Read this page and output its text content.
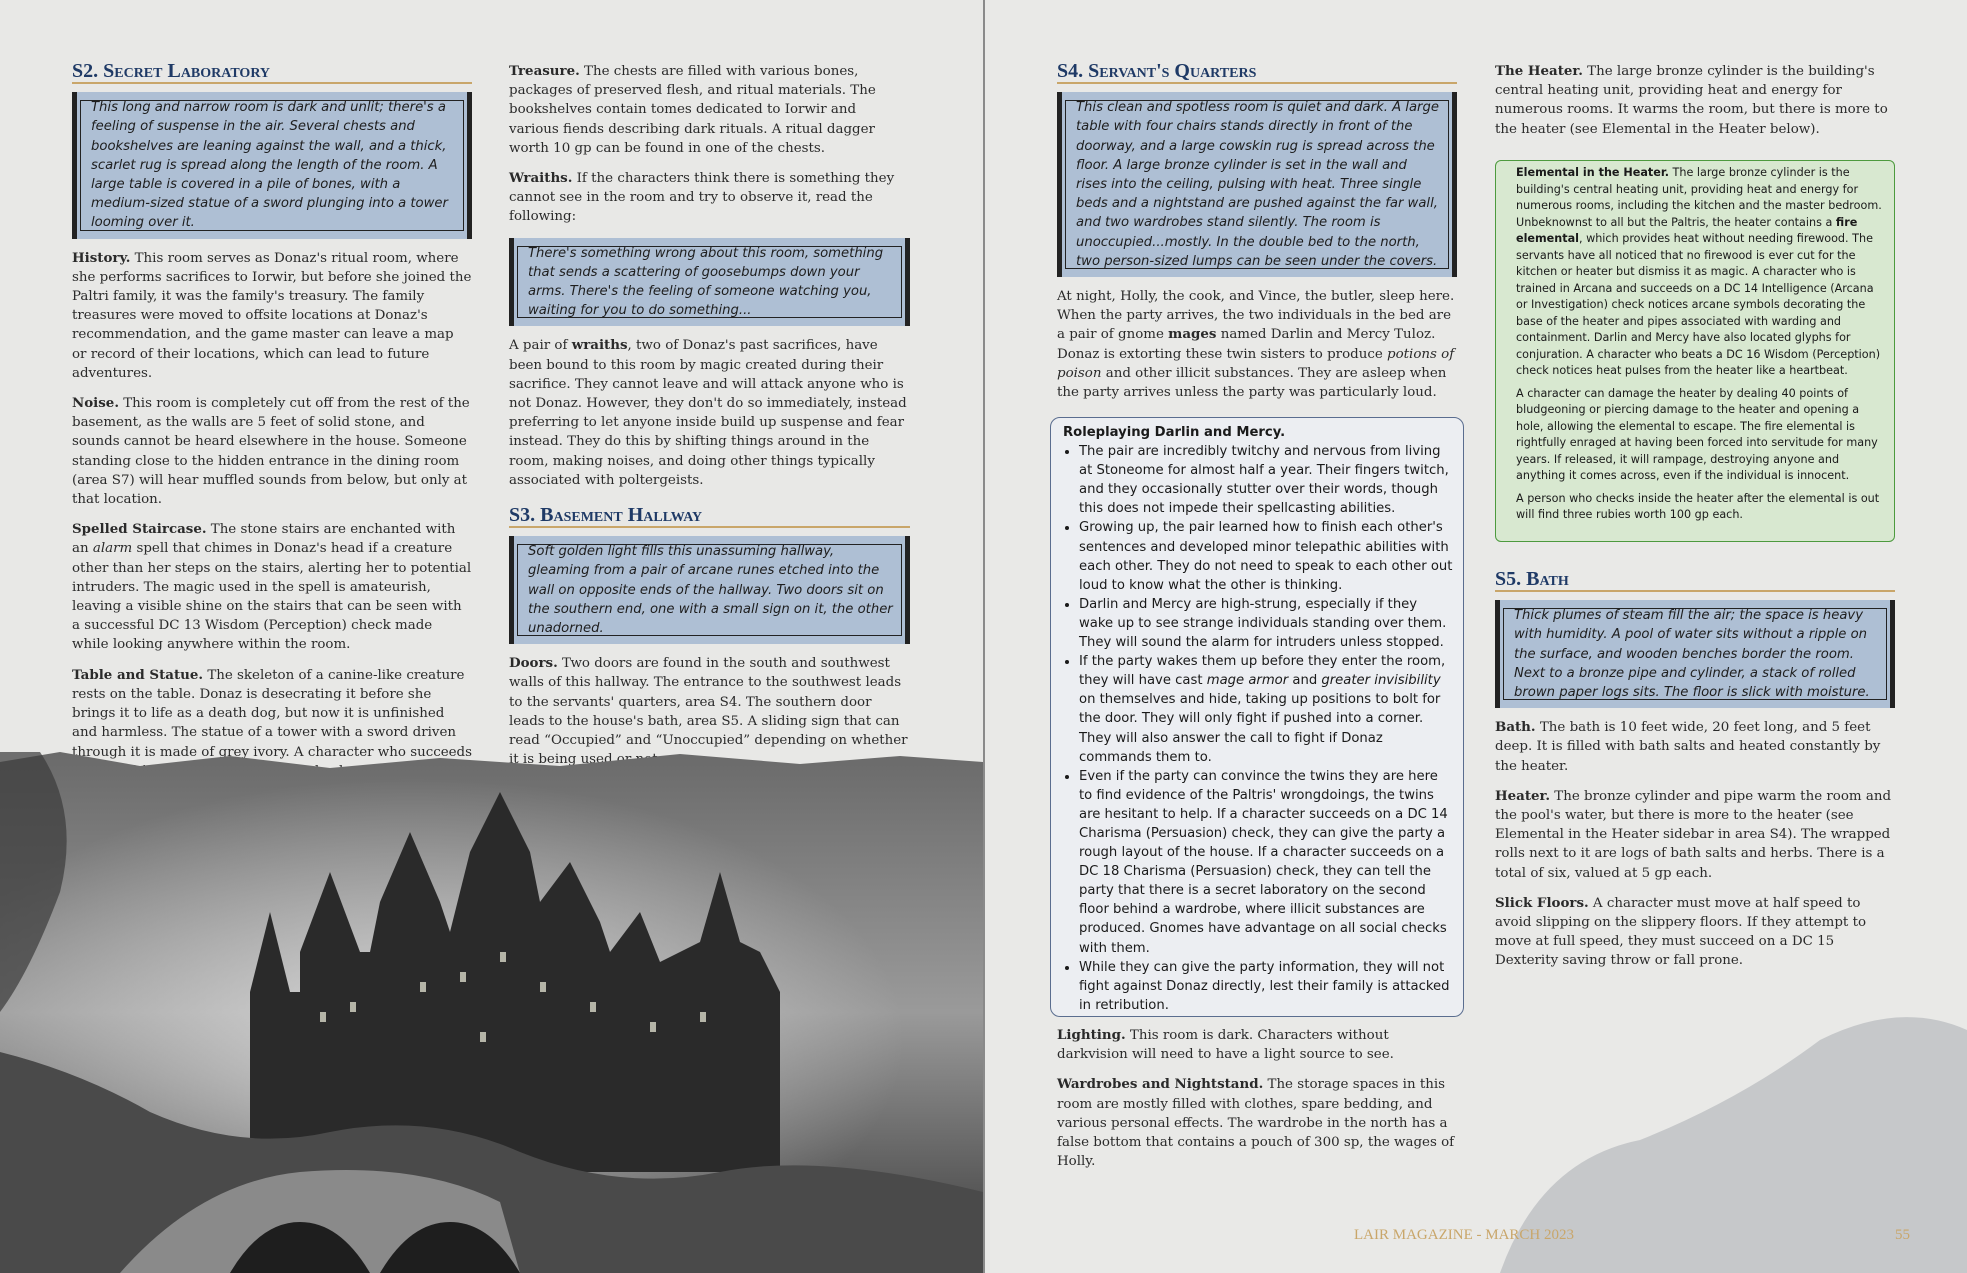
S2. Secret Laboratory
This long and narrow room is dark and unlit; there's a feeling of suspense in the air. Several chests and bookshelves are leaning against the wall, and a thick, scarlet rug is spread along the length of the room. A large table is covered in a pile of bones, with a medium-sized statue of a sword plunging into a tower looming over it.

History. This room serves as Donaz's ritual room, where she performs sacrifices to Iorwir, but before she joined the Paltri family, it was the family's treasury. The family treasures were moved to offsite locations at Donaz's recommendation, and the game master can leave a map or record of their locations, which can lead to future adventures.

Noise. This room is completely cut off from the rest of the basement, as the walls are 5 feet of solid stone, and sounds cannot be heard elsewhere in the house. Someone standing close to the hidden entrance in the dining room (area S7) will hear muffled sounds from below, but only at that location.

Spelled Staircase. The stone stairs are enchanted with an alarm spell that chimes in Donaz's head if a creature other than her steps on the stairs, alerting her to potential intruders. The magic used in the spell is amateurish, leaving a visible shine on the stairs that can be seen with a successful DC 13 Wisdom (Perception) check made while looking anywhere within the room.

Table and Statue. The skeleton of a canine-like creature rests on the table. Donaz is desecrating it before she brings it to life as a death dog, but now it is unfinished and harmless. The statue of a tower with a sword driven

Treasure. The chests are filled with various bones, packages of preserved flesh, and ritual materials. The bookshelves contain tomes dedicated to Iorwir and various fiends describing dark rituals. A ritual dagger worth 10 gp can be found in one of the chests.

Wraiths. If the characters think there is something they cannot see in the room and try to observe it, read the following:

There's something wrong about this room, something that sends a scattering of goosebumps down your arms. There's the feeling of someone watching you, waiting for you to do something...

A pair of wraiths, two of Donaz's past sacrifices, have been bound to this room by magic created during their sacrifice. They cannot leave and will attack anyone who is not Donaz. However, they don't do so immediately, instead preferring to let anyone inside build up suspense and fear instead. They do this by shifting things around in the room, making noises, and doing other things typically associated with poltergeists.

S3. Basement Hallway
Soft golden light fills this unassuming hallway, gleaming from a pair of arcane runes etched into the wall on opposite ends of the hallway. Two doors sit on the southern end, one with a small sign on it, the other unadorned.

Doors. Two doors are found in the south and southwest walls of this hallway. The entrance to the southwest leads to the servants' quarters, area S4. The southern door leads to the house's bath, area S5. A sliding sign that can read “Occupied” and “Unoccupied” depending on whether

S4. Servant's Quarters
This clean and spotless room is quiet and dark. A large table with four chairs stands directly in front of the doorway, and a large cowskin rug is spread across the floor. A large bronze cylinder is set in the wall and rises into the ceiling, pulsing with heat. Three single beds and a nightstand are pushed against the far wall, and two wardrobes stand silently. The room is unoccupied...mostly. In the double bed to the north, two person-sized lumps can be seen under the covers.

At night, Holly, the cook, and Vince, the butler, sleep here. When the party arrives, the two individuals in the bed are a pair of gnome mages named Darlin and Mercy Tuloz. Donaz is extorting these twin sisters to produce potions of poison and other illicit substances. They are asleep when the party arrives unless the party was particularly loud.

Roleplaying Darlin and Mercy.
• The pair are incredibly twitchy and nervous from living at Stoneome for almost half a year. Their fingers twitch, and they occasionally stutter over their words, though this does not impede their spellcasting abilities.
• Growing up, the pair learned how to finish each other's sentences and developed minor telepathic abilities with each other. They do not need to speak to each other out loud to know what the other is thinking.
• Darlin and Mercy are high-strung, especially if they wake up to see strange individuals standing over them. They will sound the alarm for intruders unless stopped.
• If the party wakes them up before they enter the room, they will have cast mage armor and greater invisibility on themselves and hide, taking up positions to bolt for the door. They will only fight if pushed into a corner. They will also answer the call to fight if Donaz commands them to.
• Even if the party can convince the twins they are here to find evidence of the Paltris' wrongdoings, the twins are hesitant to help. If a character succeeds on a DC 14 Charisma (Persuasion) check, they can give the party a rough layout of the house. If a character succeeds on a DC 18 Charisma (Persuasion) check, they can tell the party that there is a secret laboratory on the second floor behind a wardrobe, where illicit substances are produced. Gnomes have advantage on all social checks with them.
• While they can give the party information, they will not fight against Donaz directly, lest their family is attacked in retribution.

Lighting. This room is dark. Characters without darkvision will need to have a light source to see.

Wardrobes and Nightstand. The storage spaces in this room are mostly filled with clothes, spare bedding, and various personal effects. The wardrobe in the north has a false bottom that contains a pouch of 300 sp, the wages of Holly.

The Heater. The large bronze cylinder is the building's central heating unit, providing heat and energy for numerous rooms. It warms the room, but there is more to the heater (see Elemental in the Heater below).

Elemental in the Heater. The large bronze cylinder is the building's central heating unit, providing heat and energy for numerous rooms, including the kitchen and the master bedroom. Unbeknownst to all but the Paltris, the heater contains a fire elemental, which provides heat without needing firewood. The servants have all noticed that no firewood is ever cut for the kitchen or heater but dismiss it as magic. A character who is trained in Arcana and succeeds on a DC 14 Intelligence (Arcana or Investigation) check notices arcane symbols decorating the base of the heater and pipes associated with warding and containment. Darlin and Mercy have also located glyphs for conjuration. A character who beats a DC 16 Wisdom (Perception) check notices heat pulses from the heater like a heartbeat.

A character can damage the heater by dealing 40 points of bludgeoning or piercing damage to the heater and opening a hole, allowing the elemental to escape. The fire elemental is rightfully enraged at having been forced into servitude for many years. If released, it will rampage, destroying anyone and anything it comes across, even if the individual is innocent.

A person who checks inside the heater after the elemental is out will find three rubies worth 100 gp each.

S5. Bath
Thick plumes of steam fill the air; the space is heavy with humidity. A pool of water sits without a ripple on the surface, and wooden benches border the room. Next to a bronze pipe and cylinder, a stack of rolled brown paper logs sits. The floor is slick with moisture.

Bath. The bath is 10 feet wide, 20 feet long, and 5 feet deep. It is filled with bath salts and heated constantly by the heater.

Heater. The bronze cylinder and pipe warm the room and the pool's water, but there is more to the heater (see Elemental in the Heater sidebar in area S4). The wrapped rolls next to it are logs of bath salts and herbs. There is a total of six, valued at 5 gp each.

Slick Floors. A character must move at half speed to avoid slipping on the slippery floors. If they attempt to move at full speed, they must succeed on a DC 15 Dexterity saving throw or fall prone.

LAIR MAGAZINE - MARCH 2023	55
